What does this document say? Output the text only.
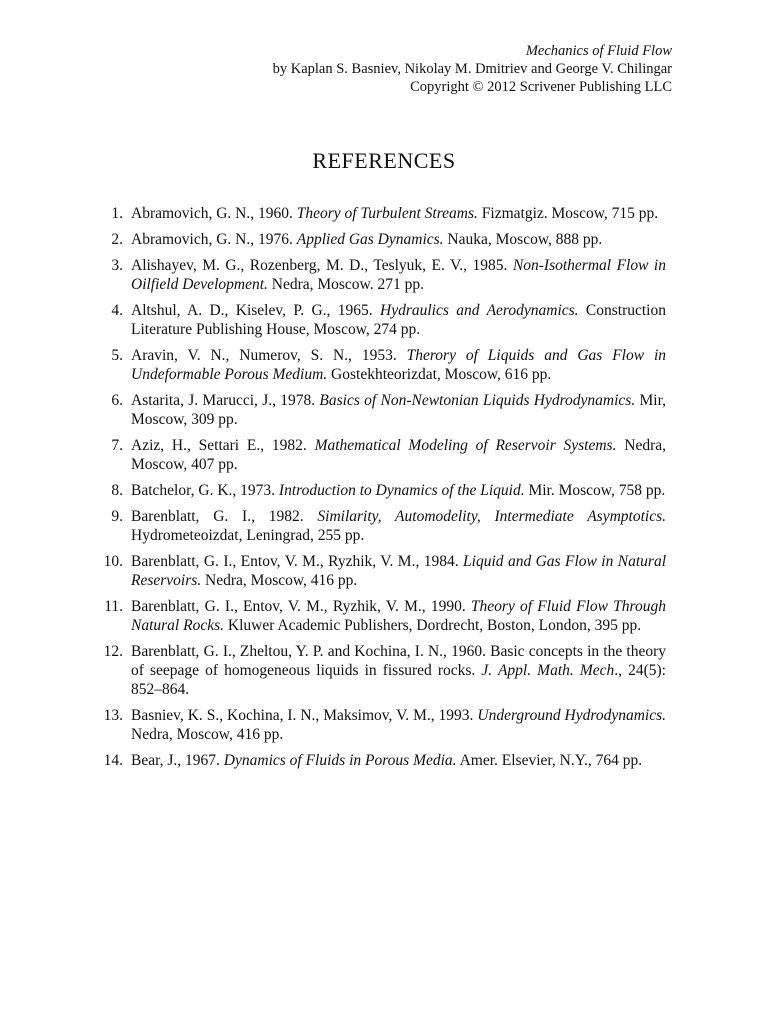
Mechanics of Fluid Flow
by Kaplan S. Basniev, Nikolay M. Dmitriev and George V. Chilingar
Copyright © 2012 Scrivener Publishing LLC
REFERENCES
1. Abramovich, G. N., 1960. Theory of Turbulent Streams. Fizmatgiz. Moscow, 715 pp.
2. Abramovich, G. N., 1976. Applied Gas Dynamics. Nauka, Moscow, 888 pp.
3. Alishayev, M. G., Rozenberg, M. D., Teslyuk, E. V., 1985. Non-Isothermal Flow in Oilfield Development. Nedra, Moscow. 271 pp.
4. Altshul, A. D., Kiselev, P. G., 1965. Hydraulics and Aerodynamics. Construction Literature Publishing House, Moscow, 274 pp.
5. Aravin, V. N., Numerov, S. N., 1953. Therory of Liquids and Gas Flow in Undeformable Porous Medium. Gostekhteorizdat, Moscow, 616 pp.
6. Astarita, J. Marucci, J., 1978. Basics of Non-Newtonian Liquids Hydrodynamics. Mir, Moscow, 309 pp.
7. Aziz, H., Settari E., 1982. Mathematical Modeling of Reservoir Systems. Nedra, Moscow, 407 pp.
8. Batchelor, G. K., 1973. Introduction to Dynamics of the Liquid. Mir. Moscow, 758 pp.
9. Barenblatt, G. I., 1982. Similarity, Automodelity, Intermediate Asymptotics. Hydrometeoizdat, Leningrad, 255 pp.
10. Barenblatt, G. I., Entov, V. M., Ryzhik, V. M., 1984. Liquid and Gas Flow in Natural Reservoirs. Nedra, Moscow, 416 pp.
11. Barenblatt, G. I., Entov, V. M., Ryzhik, V. M., 1990. Theory of Fluid Flow Through Natural Rocks. Kluwer Academic Publishers, Dordrecht, Boston, London, 395 pp.
12. Barenblatt, G. I., Zheltou, Y. P. and Kochina, I. N., 1960. Basic concepts in the theory of seepage of homogeneous liquids in fissured rocks. J. Appl. Math. Mech., 24(5): 852–864.
13. Basniev, K. S., Kochina, I. N., Maksimov, V. M., 1993. Underground Hydrodynamics. Nedra, Moscow, 416 pp.
14. Bear, J., 1967. Dynamics of Fluids in Porous Media. Amer. Elsevier, N.Y., 764 pp.
